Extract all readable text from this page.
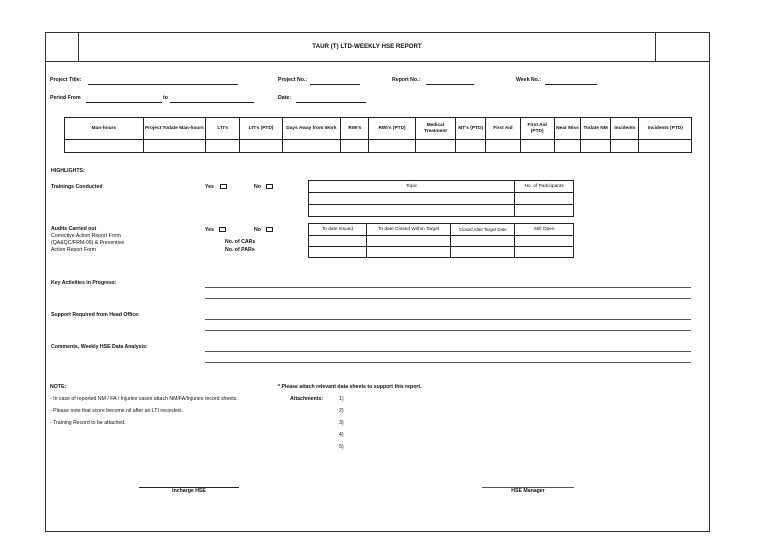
TAUR (T) LTD-WEEKLY HSE REPORT
Project Title:	Project No.:	Report No.:	Week No.:
Period From	to	Date:
Man-hours	Project Todate Man-hours	LTI's	LTI's (PTD)	Days Away from Work	RWI's	RWI's (PTD)	Medical Treatment	MT's (PTD)	First Aid	First Aid (PTD)	Near Miss	Todate NM	Incidents	Incidents (PTD)

HIGHLIGHTS:
Trainings Conducted	Yes	No	Topic	No. of Participants

Audits Carried out
Corrective Action Report Form
(QA&QC/FRM-09) & Preventive
Action Report Form
Yes	No
No. of CARs
No. of PARs
To date Issued	To date Closed Within Target	Closed After Target Date	Still Open

Key Activities in Progress:
Support Required from Head Office:
Comments, Weekly HSE Data Analysis:
NOTE:
- In case of reported NM / FA / Injuries cases attach NM/FA/Injuries record sheets.
- Please note that score become nil after an LTI recorded.
- Training Record to be attached.
* Please attach relevant data sheets to support this report.
Attachments:	1)
2)
3)
4)
5)
Incharge HSE	HSE Manager
